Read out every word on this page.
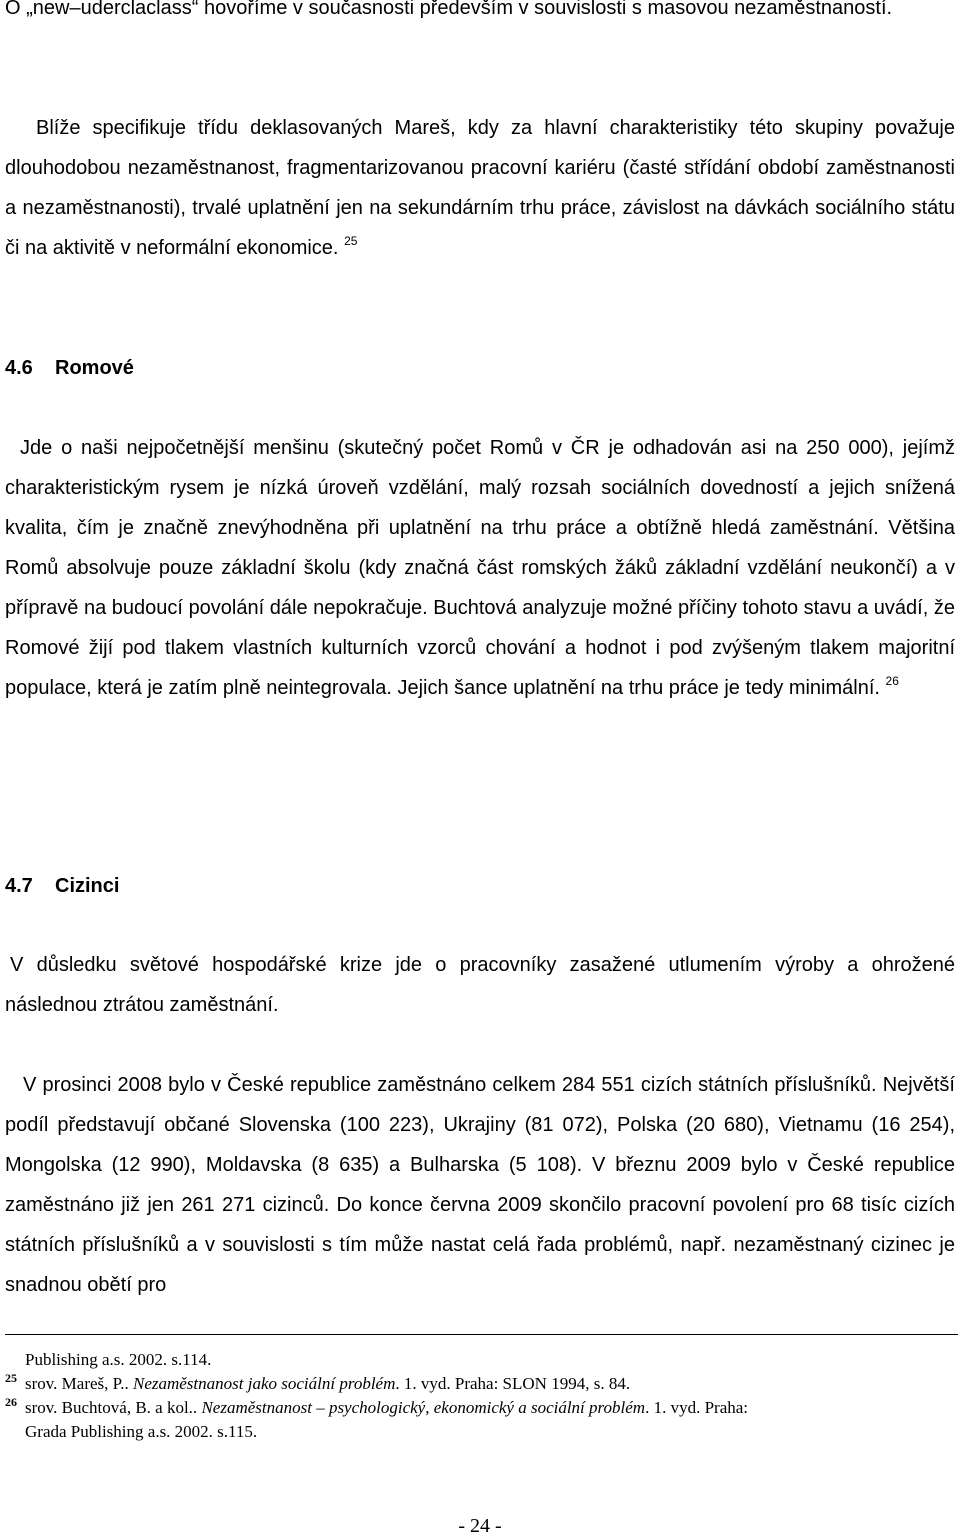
O „new–uderclaclass“ hovoříme v současnosti především v souvislosti s masovou nezaměstnaností.

Blíže specifikuje třídu deklasovaných Mareš, kdy za hlavní charakteristiky této skupiny považuje dlouhodobou nezaměstnanost, fragmentarizovanou pracovní kariéru (časté střídání období zaměstnanosti a nezaměstnanosti), trvalé uplatnění jen na sekundárním trhu práce, závislost na dávkách sociálního státu či na aktivitě v neformální ekonomice. $^{25}$

4.6 Romové

Jde o naši nejpočetnější menšinu (skutečný počet Romů v ČR je odhadován asi na 250 000), jejímž charakteristickým rysem je nízká úroveň vzdělání, malý rozsah sociálních dovedností a jejich snížená kvalita, čím je značně znevýhodněna při uplatnění na trhu práce a obtížně hledá zaměstnání. Většina Romů absolvuje pouze základní školu (kdy značná část romských žáků základní vzdělání neukončí) a v přípravě na budoucí povolání dále nepokračuje. Buchtová analyzuje možné příčiny tohoto stavu a uvádí, že Romové žijí pod tlakem vlastních kulturních vzorců chování a hodnot i pod zvýšeným tlakem majoritní populace, která je zatím plně neintegrovala. Jejich šance uplatnění na trhu práce je tedy minimální. $^{26}$

4.7 Cizinci

V důsledku světové hospodářské krize jde o pracovníky zasažené utlumením výroby a ohrožené následnou ztrátou zaměstnání.

V prosinci 2008 bylo v České republice zaměstnáno celkem 284 551 cizích státních příslušníků. Největší podíl představují občané Slovenska (100 223), Ukrajiny (81 072), Polska (20 680), Vietnamu (16 254), Mongolska (12 990), Moldavska (8 635) a Bulharska (5 108). V březnu 2009 bylo v České republice zaměstnáno již jen 261 271 cizinců. Do konce června 2009 skončilo pracovní povolení pro 68 tisíc cizích státních příslušníků a v souvislosti s tím může nastat celá řada problémů, např. nezaměstnaný cizinec je snadnou obětí pro

Publishing a.s. 2002. s.114.
25 srov. Mareš, P.. Nezaměstnanost jako sociální problém. 1. vyd. Praha: SLON 1994, s. 84.
26 srov. Buchtová, B. a kol.. Nezaměstnanost – psychologický, ekonomický a sociální problém. 1. vyd. Praha:
Grada Publishing a.s. 2002. s.115.
- 24 -
